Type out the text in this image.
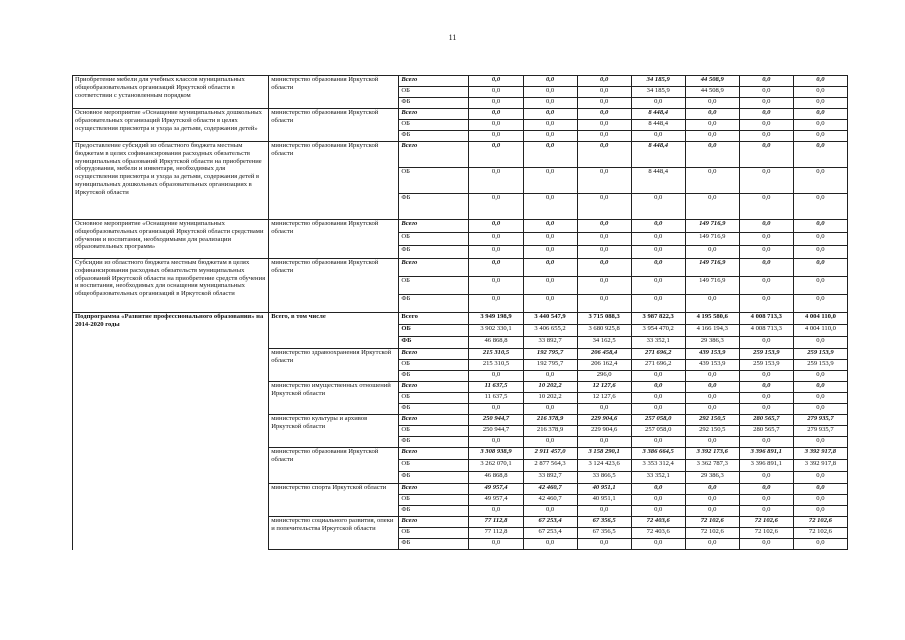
11
Приобретение мебели для учебных классов муниципальных общеобразовательных организаций Иркутской области в соответствии с установленным порядком	министерство образования Иркутской области	Всего	0,0	0,0	0,0	34 185,9	44 508,9	0,0	0,0
		ОБ	0,0	0,0	0,0	34 185,9	44 508,9	0,0	0,0
		ФБ	0,0	0,0	0,0	0,0	0,0	0,0	0,0
Основное мероприятие «Оснащение муниципальных дошкольных образовательных организаций Иркутской области в целях осуществления присмотра и ухода за детьми, содержания детей»	министерство образования Иркутской области	Всего	0,0	0,0	0,0	8 448,4	0,0	0,0	0,0
		ОБ	0,0	0,0	0,0	8 448,4	0,0	0,0	0,0
		ФБ	0,0	0,0	0,0	0,0	0,0	0,0	0,0
Предоставление субсидий из областного бюджета местным бюджетам в целях софинансирования расходных обязательств муниципальных образований Иркутской области на приобретение оборудования, мебели и инвентаря, необходимых для осуществления присмотра и ухода за детьми, содержания детей в муниципальных дошкольных образовательных организациях в Иркутской области	министерство образования Иркутской области	Всего	0,0	0,0	0,0	8 448,4	0,0	0,0	0,0
		ОБ	0,0	0,0	0,0	8 448,4	0,0	0,0	0,0
		ФБ	0,0	0,0	0,0	0,0	0,0	0,0	0,0
Основное мероприятие «Оснащение муниципальных общеобразовательных организаций Иркутской области средствами обучения и воспитания, необходимыми для реализации образовательных программ»	министерство образования Иркутской области	Всего	0,0	0,0	0,0	0,0	149 716,9	0,0	0,0
		ОБ	0,0	0,0	0,0	0,0	149 716,9	0,0	0,0
		ФБ	0,0	0,0	0,0	0,0	0,0	0,0	0,0
Субсидии из областного бюджета местным бюджетам в целях софинансирования расходных обязательств муниципальных образований Иркутской области на приобретение средств обучения и воспитания, необходимых для оснащения муниципальных общеобразовательных организаций в Иркутской области	министерство образования Иркутской области	Всего	0,0	0,0	0,0	0,0	149 716,9	0,0	0,0
		ОБ	0,0	0,0	0,0	0,0	149 716,9	0,0	0,0
		ФБ	0,0	0,0	0,0	0,0	0,0	0,0	0,0
Подпрограмма «Развитие профессионального образования» на 2014-2020 годы	Всего, в том числе	Всего	3 949 198,9	3 440 547,9	3 715 088,3	3 987 822,3	4 195 580,6	4 008 713,3	4 004 110,0
		ОБ	3 902 330,1	3 406 655,2	3 680 925,8	3 954 470,2	4 166 194,3	4 008 713,3	4 004 110,0
		ФБ	46 868,8	33 892,7	34 162,5	33 352,1	29 386,3	0,0	0,0
	министерство здравоохранения Иркутской области	Всего	215 310,5	192 795,7	206 458,4	271 696,2	439 153,9	259 153,9	259 153,9
		ОБ	215 310,5	192 795,7	206 162,4	271 696,2	439 153,9	259 153,9	259 153,9
		ФБ	0,0	0,0	296,0	0,0	0,0	0,0	0,0
	министерство имущественных отношений Иркутской области	Всего	11 637,5	10 202,2	12 127,6	0,0	0,0	0,0	0,0
		ОБ	11 637,5	10 202,2	12 127,6	0,0	0,0	0,0	0,0
		ФБ	0,0	0,0	0,0	0,0	0,0	0,0	0,0
	министерство культуры и архивов Иркутской области	Всего	250 944,7	216 378,9	229 904,6	257 058,0	292 150,5	280 565,7	279 935,7
		ОБ	250 944,7	216 378,9	229 904,6	257 058,0	292 150,5	280 565,7	279 935,7
		ФБ	0,0	0,0	0,0	0,0	0,0	0,0	0,0
	министерство образования Иркутской области	Всего	3 308 938,9	2 911 457,0	3 158 290,1	3 386 664,5	3 392 173,6	3 396 891,1	3 392 917,8
		ОБ	3 262 070,1	2 877 564,3	3 124 423,6	3 353 312,4	3 362 787,3	3 396 891,1	3 392 917,8
		ФБ	46 868,8	33 892,7	33 866,5	33 352,1	29 386,3	0,0	0,0
	министерство спорта Иркутской области	Всего	49 957,4	42 460,7	40 951,1	0,0	0,0	0,0	0,0
		ОБ	49 957,4	42 460,7	40 951,1	0,0	0,0	0,0	0,0
		ФБ	0,0	0,0	0,0	0,0	0,0	0,0	0,0
	министерство социального развития, опеки и попечительства Иркутской области	Всего	77 112,8	67 253,4	67 356,5	72 403,6	72 102,6	72 102,6	72 102,6
		ОБ	77 112,8	67 253,4	67 356,5	72 403,6	72 102,6	72 102,6	72 102,6
		ФБ	0,0	0,0	0,0	0,0	0,0	0,0	0,0
